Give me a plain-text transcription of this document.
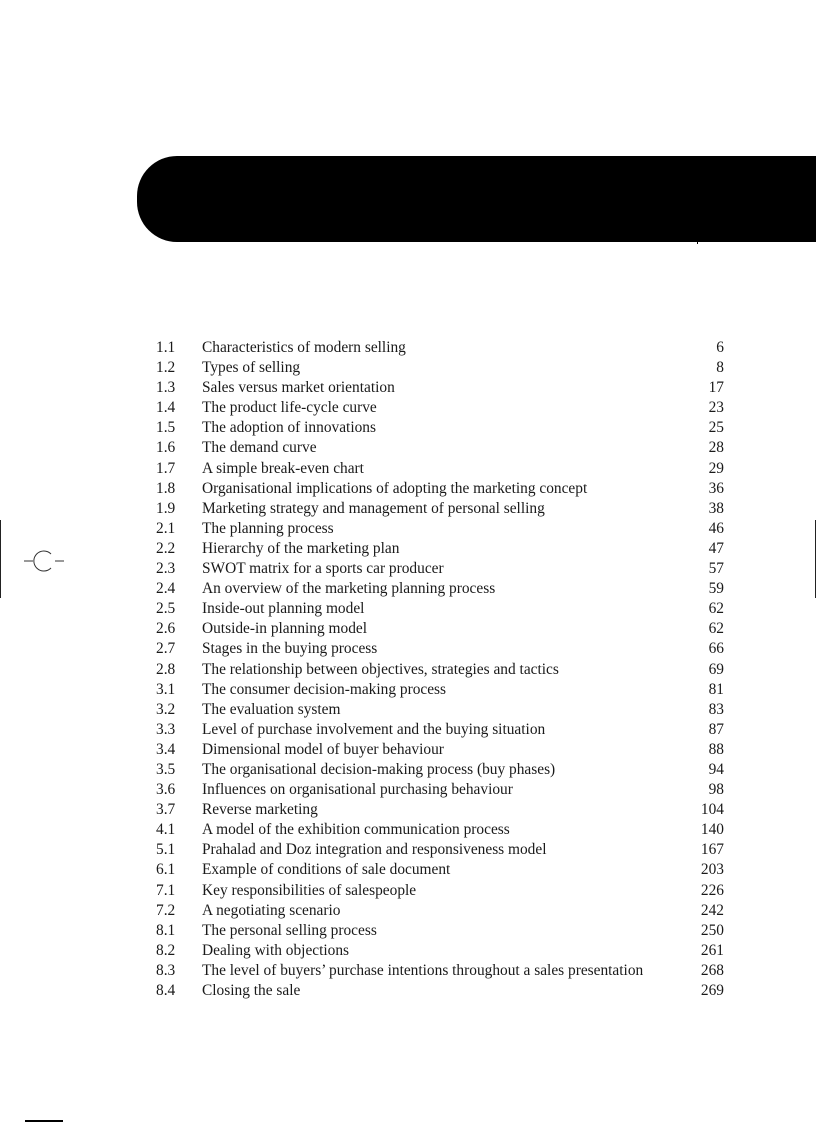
1.1	Characteristics of modern selling	6
1.2	Types of selling	8
1.3	Sales versus market orientation	17
1.4	The product life-cycle curve	23
1.5	The adoption of innovations	25
1.6	The demand curve	28
1.7	A simple break-even chart	29
1.8	Organisational implications of adopting the marketing concept	36
1.9	Marketing strategy and management of personal selling	38
2.1	The planning process	46
2.2	Hierarchy of the marketing plan	47
2.3	SWOT matrix for a sports car producer	57
2.4	An overview of the marketing planning process	59
2.5	Inside-out planning model	62
2.6	Outside-in planning model	62
2.7	Stages in the buying process	66
2.8	The relationship between objectives, strategies and tactics	69
3.1	The consumer decision-making process	81
3.2	The evaluation system	83
3.3	Level of purchase involvement and the buying situation	87
3.4	Dimensional model of buyer behaviour	88
3.5	The organisational decision-making process (buy phases)	94
3.6	Influences on organisational purchasing behaviour	98
3.7	Reverse marketing	104
4.1	A model of the exhibition communication process	140
5.1	Prahalad and Doz integration and responsiveness model	167
6.1	Example of conditions of sale document	203
7.1	Key responsibilities of salespeople	226
7.2	A negotiating scenario	242
8.1	The personal selling process	250
8.2	Dealing with objections	261
8.3	The level of buyers’ purchase intentions throughout a sales presentation	268
8.4	Closing the sale	269
